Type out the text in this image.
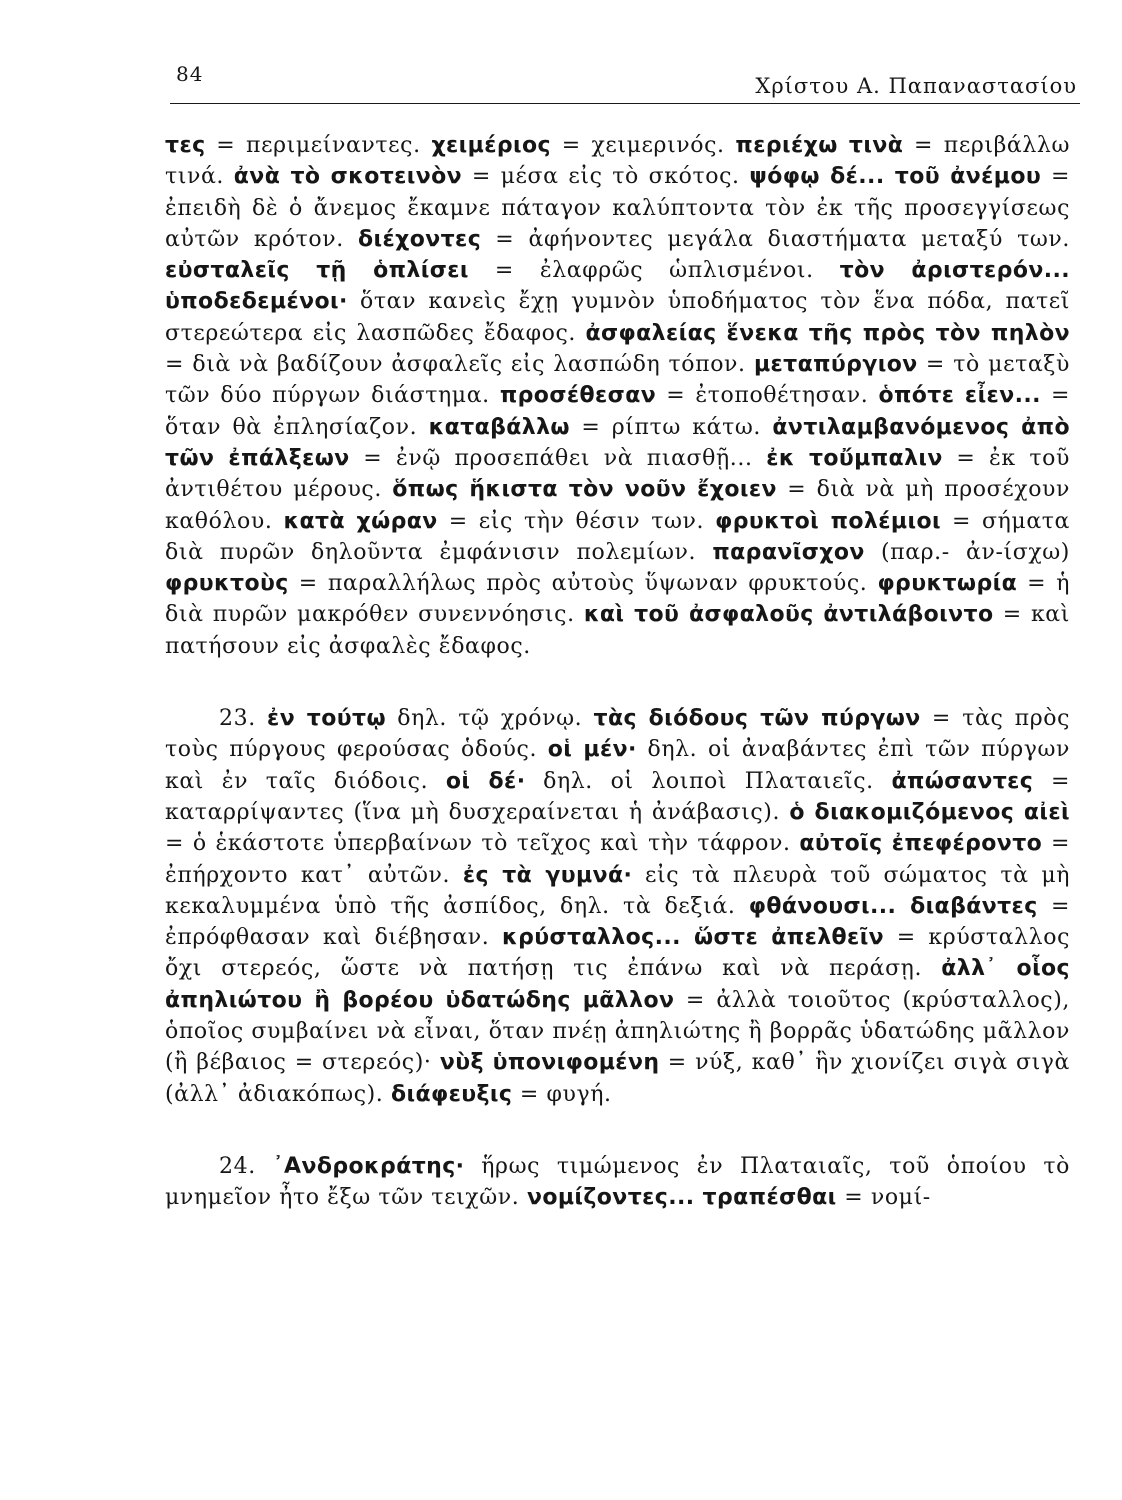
84	Χρίστου Α. Παπαναστασίου

τες = περιμείναντες. χειμέριος = χειμερινός. περιέχω τινὰ = περιβάλλω τινά. ἀνὰ τὸ σκοτεινὸν = μέσα εἰς τὸ σκότος. ψόφῳ δέ... τοῦ ἀνέμου = ἐπειδὴ δὲ ὁ ἄνεμος ἔκαμνε πάταγον καλύπτοντα τὸν ἐκ τῆς προσεγγίσεως αὐτῶν κρότον. διέχοντες = ἀφήνοντες μεγάλα διαστήματα μεταξύ των. εὐσταλεῖς τῇ ὁπλίσει = ἐλαφρῶς ὡπλισμένοι. τὸν ἀριστερόν... ὑποδεδεμένοι· ὅταν κανεὶς ἔχῃ γυμνὸν ὑποδήματος τὸν ἕνα πόδα, πατεῖ στερεώτερα εἰς λασπῶδες ἔδαφος. ἀσφαλείας ἕνεκα τῆς πρὸς τὸν πηλὸν = διὰ νὰ βαδίζουν ἀσφαλεῖς εἰς λασπώδη τόπον. μεταπύργιον = τὸ μεταξὺ τῶν δύο πύργων διάστημα. προσέθεσαν = ἐτοποθέτησαν. ὁπότε εἶεν... = ὅταν θὰ ἐπλησίαζον. καταβάλλω = ρίπτω κάτω. ἀντιλαμβανόμενος ἀπὸ τῶν ἐπάλξεων = ἐνῷ προσεπάθει νὰ πιασθῇ... ἐκ τοὔμπαλιν = ἐκ τοῦ ἀντιθέτου μέρους. ὅπως ἥκιστα τὸν νοῦν ἔχοιεν = διὰ νὰ μὴ προσέχουν καθόλου. κατὰ χώραν = εἰς τὴν θέσιν των. φρυκτοὶ πολέμιοι = σήματα διὰ πυρῶν δηλοῦντα ἐμφάνισιν πολεμίων. παρανῖσχον (παρ.- ἀν-ίσχω) φρυκτοὺς = παραλλήλως πρὸς αὐτοὺς ὕψωναν φρυκτούς. φρυκτωρία = ἡ διὰ πυρῶν μακρόθεν συνεννόησις. καὶ τοῦ ἀσφαλοῦς ἀντιλάβοιντο = καὶ πατήσουν εἰς ἀσφαλὲς ἔδαφος.

23. ἐν τούτῳ δηλ. τῷ χρόνῳ. τὰς διόδους τῶν πύργων = τὰς πρὸς τοὺς πύργους φερούσας ὁδούς. οἱ μέν· δηλ. οἱ ἀναβάντες ἐπὶ τῶν πύργων καὶ ἐν ταῖς διόδοις. οἱ δέ· δηλ. οἱ λοιποὶ Πλαταιεῖς. ἀπώσαντες = καταρρίψαντες (ἵνα μὴ δυσχεραίνεται ἡ ἀνάβασις). ὁ διακομιζόμενος αἰεὶ = ὁ ἑκάστοτε ὑπερβαίνων τὸ τεῖχος καὶ τὴν τάφρον. αὐτοῖς ἐπεφέροντο = ἐπήρχοντο κατ᾿ αὐτῶν. ἐς τὰ γυμνά· εἰς τὰ πλευρὰ τοῦ σώματος τὰ μὴ κεκαλυμμένα ὑπὸ τῆς ἀσπίδος, δηλ. τὰ δεξιά. φθάνουσι... διαβάντες = ἐπρόφθασαν καὶ διέβησαν. κρύσταλλος... ὥστε ἀπελθεῖν = κρύσταλλος ὄχι στερεός, ὥστε νὰ πατήσῃ τις ἐπάνω καὶ νὰ περάσῃ. ἀλλ᾿ οἷος ἀπηλιώτου ἢ βορέου ὑδατώδης μᾶλλον = ἀλλὰ τοιοῦτος (κρύσταλλος), ὁποῖος συμβαίνει νὰ εἶναι, ὅταν πνέῃ ἀπηλιώτης ἢ βορρᾶς ὑδατώδης μᾶλλον (ἢ βέβαιος = στερεός)· νὺξ ὑπονιφομένη = νύξ, καθ᾿ ἣν χιονίζει σιγὰ σιγὰ (ἀλλ᾿ ἀδιακόπως). διάφευξις = φυγή.

24. ᾿Ανδροκράτης· ἥρως τιμώμενος ἐν Πλαταιαῖς, τοῦ ὁποίου τὸ μνημεῖον ἦτο ἔξω τῶν τειχῶν. νομίζοντες... τραπέσθαι = νομί-
